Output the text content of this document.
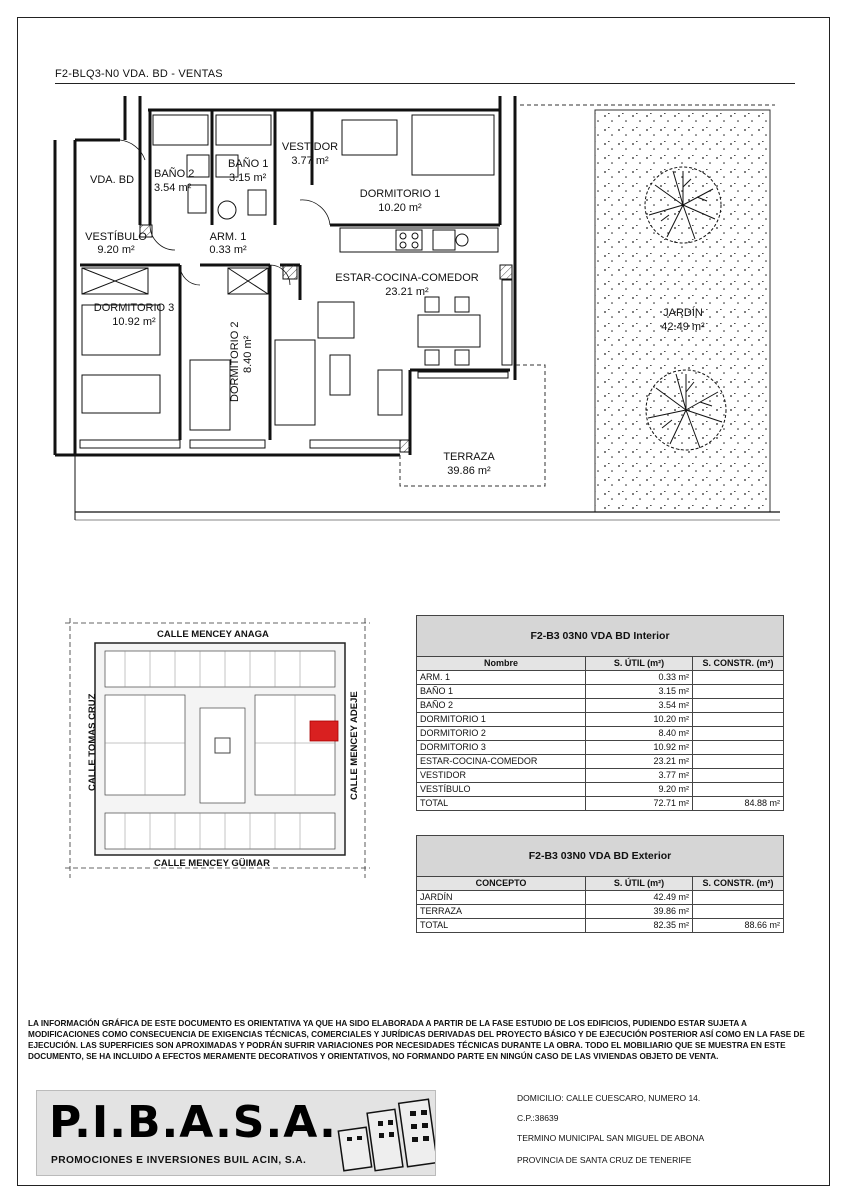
F2-BLQ3-N0 VDA. BD - VENTAS
VDA. BD BAÑO 2
3.54 m²
BAÑO 1
3.15 m²
VESTIDOR
3.77 m²
DORMITORIO 1
10.20 m²
VESTÍBULO
9.20 m²
ARM. 1
0.33 m²
ESTAR-COCINA-COMEDOR
23.21 m²
DORMITORIO 3
10.92 m²	DORMITORIO 2 8.40 m²
JARDÍN
42.49 m²
TERRAZA
39.86 m²
CALLE MENCEY ANAGA
CALLE MENCEY GÜIMAR
CALLE TOMAS CRUZ	CALLE MENCEY ADEJE
F2-B3 03N0 VDA BD Interior		
Nombre	S. ÚTIL (m²)	S. CONSTR. (m²)
ARM. 1	0.33 m²	
BAÑO 1	3.15 m²	
BAÑO 2	3.54 m²	
DORMITORIO 1	10.20 m²	
DORMITORIO 2	8.40 m²	
DORMITORIO 3	10.92 m²	
ESTAR-COCINA-COMEDOR	23.21 m²	
VESTIDOR	3.77 m²	
VESTÍBULO	9.20 m²	
TOTAL	72.71 m²	84.88 m²
F2-B3 03N0 VDA BD Exterior		
CONCEPTO	S. ÚTIL (m²)	S. CONSTR. (m²)
JARDÍN	42.49 m²	
TERRAZA	39.86 m²	
TOTAL	82.35 m²	88.66 m²
LA INFORMACIÓN GRÁFICA DE ESTE DOCUMENTO ES ORIENTATIVA YA QUE HA SIDO ELABORADA A PARTIR DE LA FASE ESTUDIO DE LOS EDIFICIOS, PUDIENDO ESTAR SUJETA A MODIFICACIONES COMO CONSECUENCIA DE EXIGENCIAS TÉCNICAS, COMERCIALES Y JURÍDICAS DERIVADAS DEL PROYECTO BÁSICO Y DE EJECUCIÓN POSTERIOR ASÍ COMO EN LA FASE DE EJECUCIÓN. LAS SUPERFICIES SON APROXIMADAS Y PODRÁN SUFRIR VARIACIONES POR NECESIDADES TÉCNICAS DURANTE LA OBRA. TODO EL MOBILIARIO QUE SE MUESTRA EN ESTE DOCUMENTO, SE HA INCLUIDO A EFECTOS MERAMENTE DECORATIVOS Y ORIENTATIVOS, NO FORMANDO PARTE EN NINGÚN CASO DE LAS VIVIENDAS OBJETO DE VENTA.
P.I.B.A.S.A.
PROMOCIONES E INVERSIONES BUIL ACIN, S.A.
DOMICILIO: CALLE CUESCARO, NUMERO 14.
C.P.:38639
TERMINO MUNICIPAL SAN MIGUEL DE ABONA
PROVINCIA DE SANTA CRUZ DE TENERIFE
